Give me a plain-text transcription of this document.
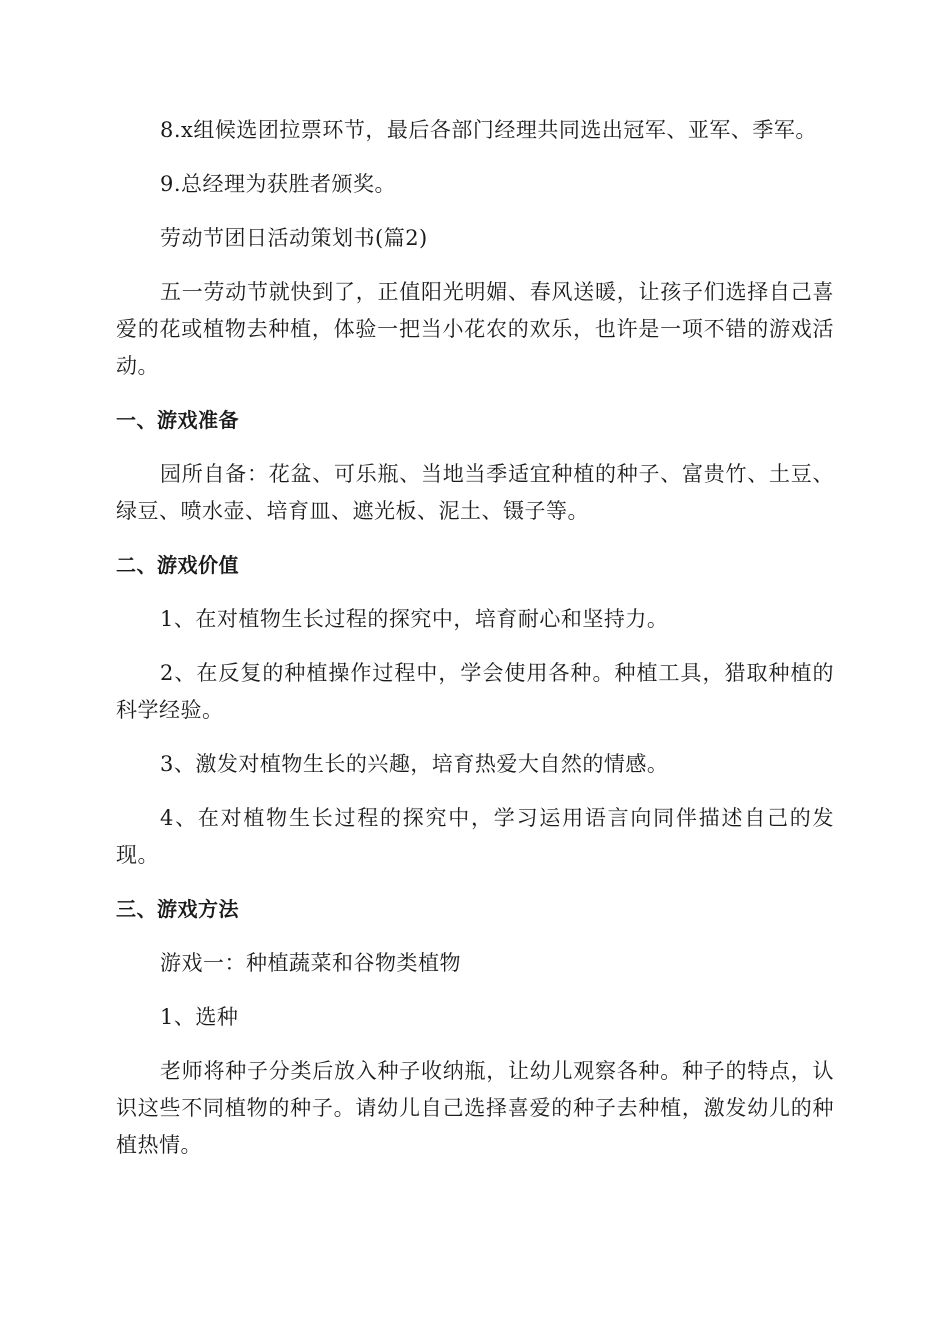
8.x组候选团拉票环节，最后各部门经理共同选出冠军、亚军、季军。

9.总经理为获胜者颁奖。

劳动节团日活动策划书(篇2)

五一劳动节就快到了，正值阳光明媚、春风送暖，让孩子们选择自己喜爱的花或植物去种植，体验一把当小花农的欢乐，也许是一项不错的游戏活动。

一、游戏准备

园所自备：花盆、可乐瓶、当地当季适宜种植的种子、富贵竹、土豆、绿豆、喷水壶、培育皿、遮光板、泥土、镊子等。

二、游戏价值

1、在对植物生长过程的探究中，培育耐心和坚持力。

2、在反复的种植操作过程中，学会使用各种。种植工具，猎取种植的科学经验。

3、激发对植物生长的兴趣，培育热爱大自然的情感。

4、在对植物生长过程的探究中，学习运用语言向同伴描述自己的发现。

三、游戏方法

游戏一：种植蔬菜和谷物类植物

1、选种

老师将种子分类后放入种子收纳瓶，让幼儿观察各种。种子的特点，认识这些不同植物的种子。请幼儿自己选择喜爱的种子去种植，激发幼儿的种植热情。
